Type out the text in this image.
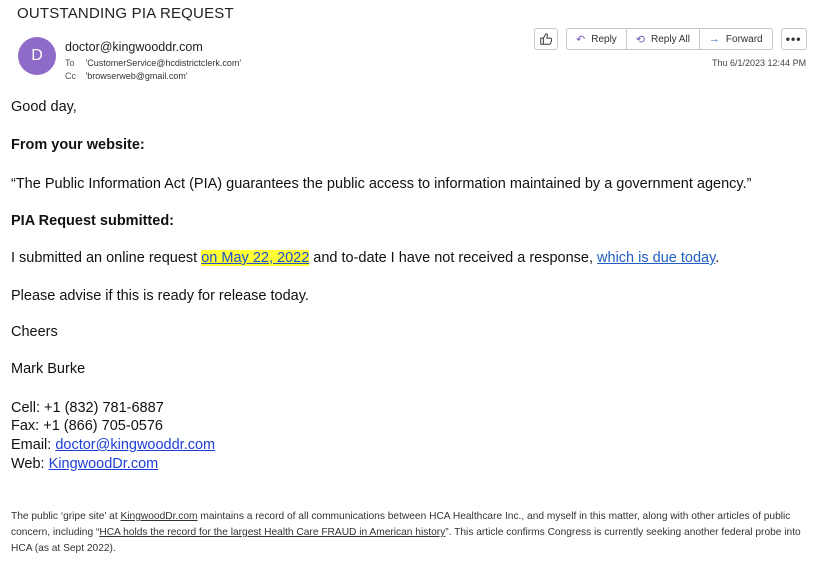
OUTSTANDING PIA REQUEST
D	doctor@kingwooddr.com
To 'CustomerService@hcdistrictclerk.com'
Cc 'browserweb@gmail.com'
↶ Reply ⟲ Reply All → Forward	•••
Thu 6/1/2023 12:44 PM

Good day,

From your website:

“The Public Information Act (PIA) guarantees the public access to information maintained by a government agency.”

PIA Request submitted:

I submitted an online request on May 22, 2022 and to-date I have not received a response, which is due today.

Please advise if this is ready for release today.

Cheers

Mark Burke

Cell: +1 (832) 781-6887

Fax: +1 (866) 705-0576

Email: doctor@kingwooddr.com

Web: KingwoodDr.com

The public ‘gripe site’ at KingwoodDr.com maintains a record of all communications between HCA Healthcare Inc., and myself in this matter, along with other articles of public concern, including “HCA holds the record for the largest Health Care FRAUD in American history”. This article confirms Congress is currently seeking another federal probe into HCA (as at Sept 2022).
